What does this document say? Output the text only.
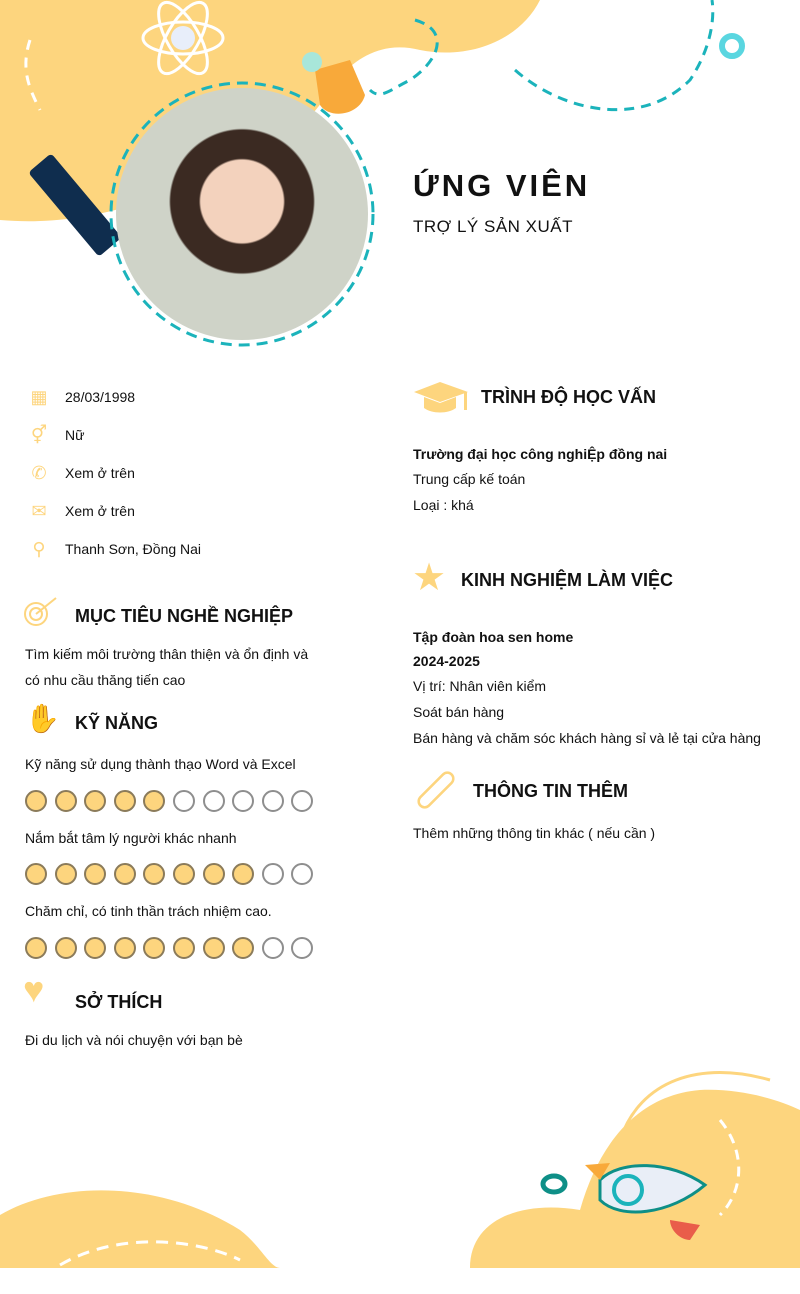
ỨNG VIÊN
TRỢ LÝ SẢN XUẤT
▦	28/03/1998
⚥	Nữ
✆	Xem ở trên
✉	Xem ở trên
⚲	Thanh Sơn, Đồng Nai
MỤC TIÊU NGHỀ NGHIỆP
Tìm kiếm môi trường thân thiện và ổn định và
có nhu cầu thăng tiến cao
✋ KỸ NĂNG
Kỹ năng sử dụng thành thạo Word và Excel
Nắm bắt tâm lý người khác nhanh
Chăm chỉ, có tinh thần trách nhiệm cao.
♥ SỞ THÍCH
Đi du lịch và nói chuyện với bạn bè
TRÌNH ĐỘ HỌC VẤN
Trường đại học công nghiỆp đồng nai
Trung cấp kế toán
Loại : khá
★ KINH NGHIỆM LÀM VIỆC
Tập đoàn hoa sen home
2024-2025
Vị trí: Nhân viên kiểm
Soát bán hàng
Bán hàng và chăm sóc khách hàng sỉ và lẻ tại cửa hàng
THÔNG TIN THÊM
Thêm những thông tin khác ( nếu cần )
